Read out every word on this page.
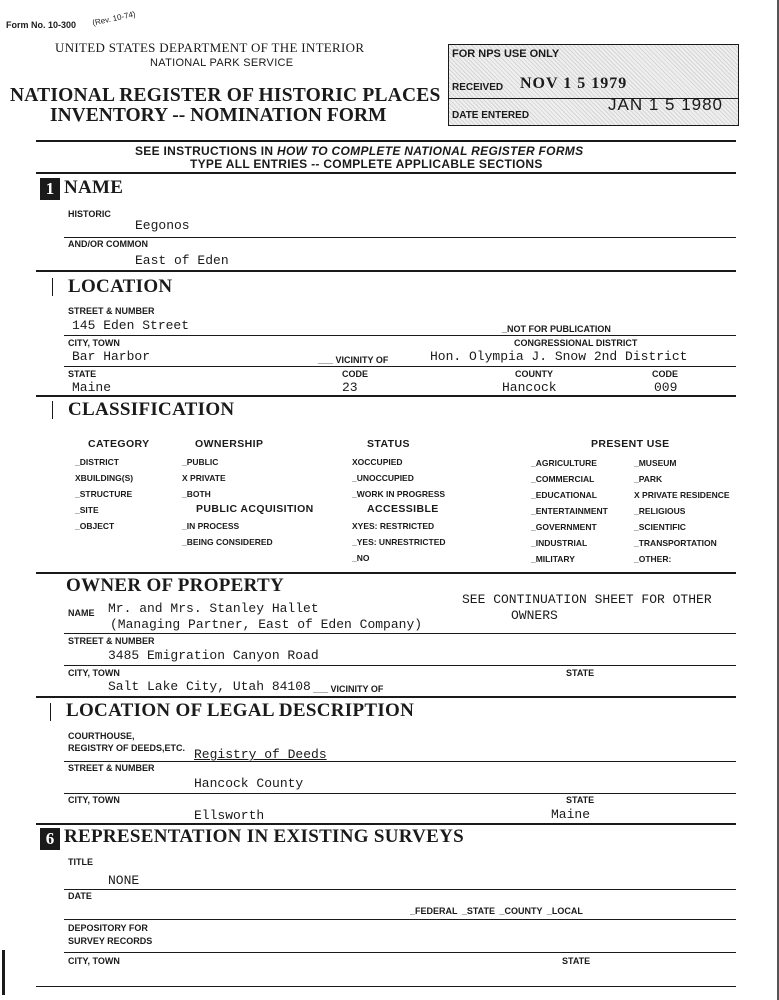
Form No. 10-300 (Rev. 10-74)
UNITED STATES DEPARTMENT OF THE INTERIOR
NATIONAL PARK SERVICE
NATIONAL REGISTER OF HISTORIC PLACES
INVENTORY -- NOMINATION FORM
FOR NPS USE ONLY
RECEIVED NOV 1 5 1979
DATE ENTERED
JAN 1 5 1980
SEE INSTRUCTIONS IN HOW TO COMPLETE NATIONAL REGISTER FORMS
TYPE ALL ENTRIES -- COMPLETE APPLICABLE SECTIONS
1 NAME
HISTORIC
Eegonos
AND/OR COMMON
East of Eden
LOCATION
STREET & NUMBER
145 Eden Street	_NOT FOR PUBLICATION
CITY, TOWN	CONGRESSIONAL DISTRICT
Bar Harbor	___ VICINITY OF	Hon. Olympia J. Snow 2nd District
STATE	CODE	COUNTY	CODE
Maine	23	Hancock	009
CLASSIFICATION
CATEGORY
_DISTRICT
XBUILDING(S)
_STRUCTURE
_SITE
_OBJECT
OWNERSHIP
_PUBLIC
X PRIVATE
_BOTH
PUBLIC ACQUISITION
_IN PROCESS
_BEING CONSIDERED
STATUS
XOCCUPIED
_UNOCCUPIED
_WORK IN PROGRESS
ACCESSIBLE
XYES: RESTRICTED
_YES: UNRESTRICTED
_NO
PRESENT USE
_AGRICULTURE
_COMMERCIAL
_EDUCATIONAL
_ENTERTAINMENT
_GOVERNMENT
_INDUSTRIAL
_MILITARY
_MUSEUM
_PARK
X PRIVATE RESIDENCE
_RELIGIOUS
_SCIENTIFIC
_TRANSPORTATION
_OTHER:
OWNER OF PROPERTY
NAME Mr. and Mrs. Stanley Hallet
(Managing Partner, East of Eden Company)
SEE CONTINUATION SHEET FOR OTHER
OWNERS
STREET & NUMBER
3485 Emigration Canyon Road
CITY, TOWN	STATE
Salt Lake City, Utah 84108 ___ VICINITY OF
LOCATION OF LEGAL DESCRIPTION
COURTHOUSE,
REGISTRY OF DEEDS,ETC. Registry of Deeds
STREET & NUMBER
Hancock County
CITY, TOWN	STATE
Ellsworth	Maine
6 REPRESENTATION IN EXISTING SURVEYS
TITLE
NONE
DATE
_FEDERAL _STATE _COUNTY _LOCAL
DEPOSITORY FOR
SURVEY RECORDS
CITY, TOWN	STATE
